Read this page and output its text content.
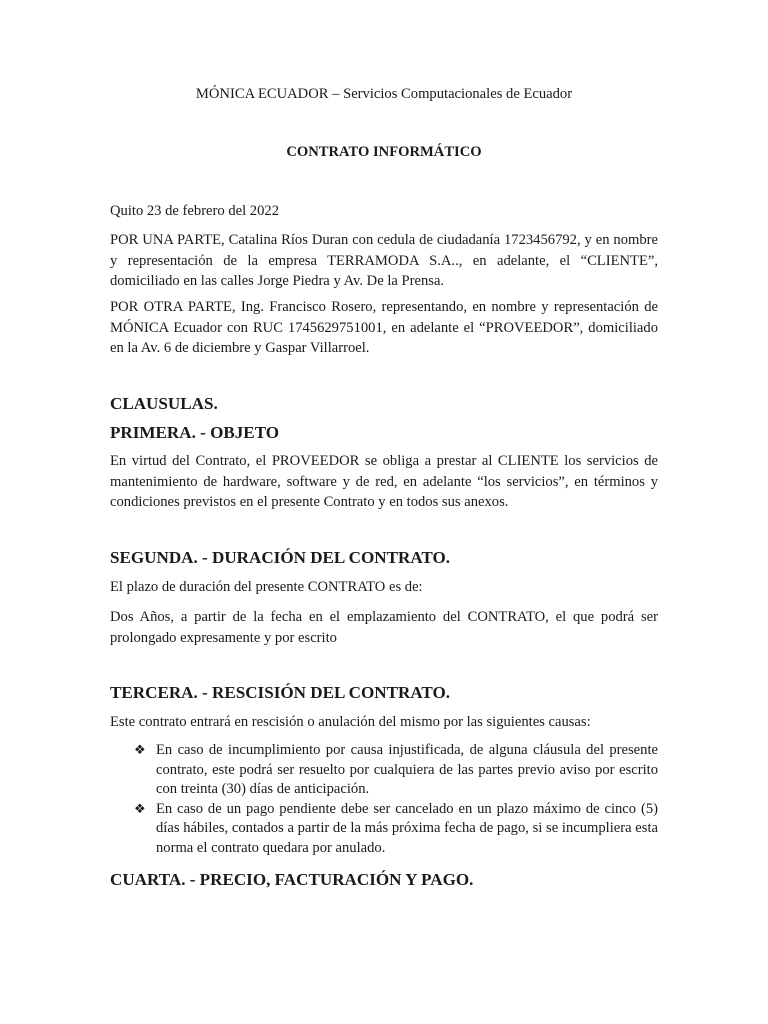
MÓNICA ECUADOR – Servicios Computacionales de Ecuador
CONTRATO INFORMÁTICO

Quito 23 de febrero del 2022

POR UNA PARTE, Catalina Ríos Duran con cedula de ciudadanía 1723456792, y en nombre y representación de la empresa TERRAMODA S.A.., en adelante, el “CLIENTE”, domiciliado en las calles Jorge Piedra y Av. De la Prensa.

POR OTRA PARTE, Ing. Francisco Rosero, representando, en nombre y representación de MÓNICA Ecuador con RUC 1745629751001, en adelante el “PROVEEDOR”, domiciliado en la Av. 6 de diciembre y Gaspar Villarroel.

CLAUSULAS.
PRIMERA. - OBJETO

En virtud del Contrato, el PROVEEDOR se obliga a prestar al CLIENTE los servicios de mantenimiento de hardware, software y de red, en adelante “los servicios”, en términos y condiciones previstos en el presente Contrato y en todos sus anexos.

SEGUNDA. - DURACIÓN DEL CONTRATO.

El plazo de duración del presente CONTRATO es de:

Dos Años, a partir de la fecha en el emplazamiento del CONTRATO, el que podrá ser prolongado expresamente y por escrito

TERCERA. - RESCISIÓN DEL CONTRATO.

Este contrato entrará en rescisión o anulación del mismo por las siguientes causas:

❖ En caso de incumplimiento por causa injustificada, de alguna cláusula del presente contrato, este podrá ser resuelto por cualquiera de las partes previo aviso por escrito con treinta (30) días de anticipación.
❖ En caso de un pago pendiente debe ser cancelado en un plazo máximo de cinco (5) días hábiles, contados a partir de la más próxima fecha de pago, si se incumpliera esta norma el contrato quedara por anulado.
CUARTA. - PRECIO, FACTURACIÓN Y PAGO.
